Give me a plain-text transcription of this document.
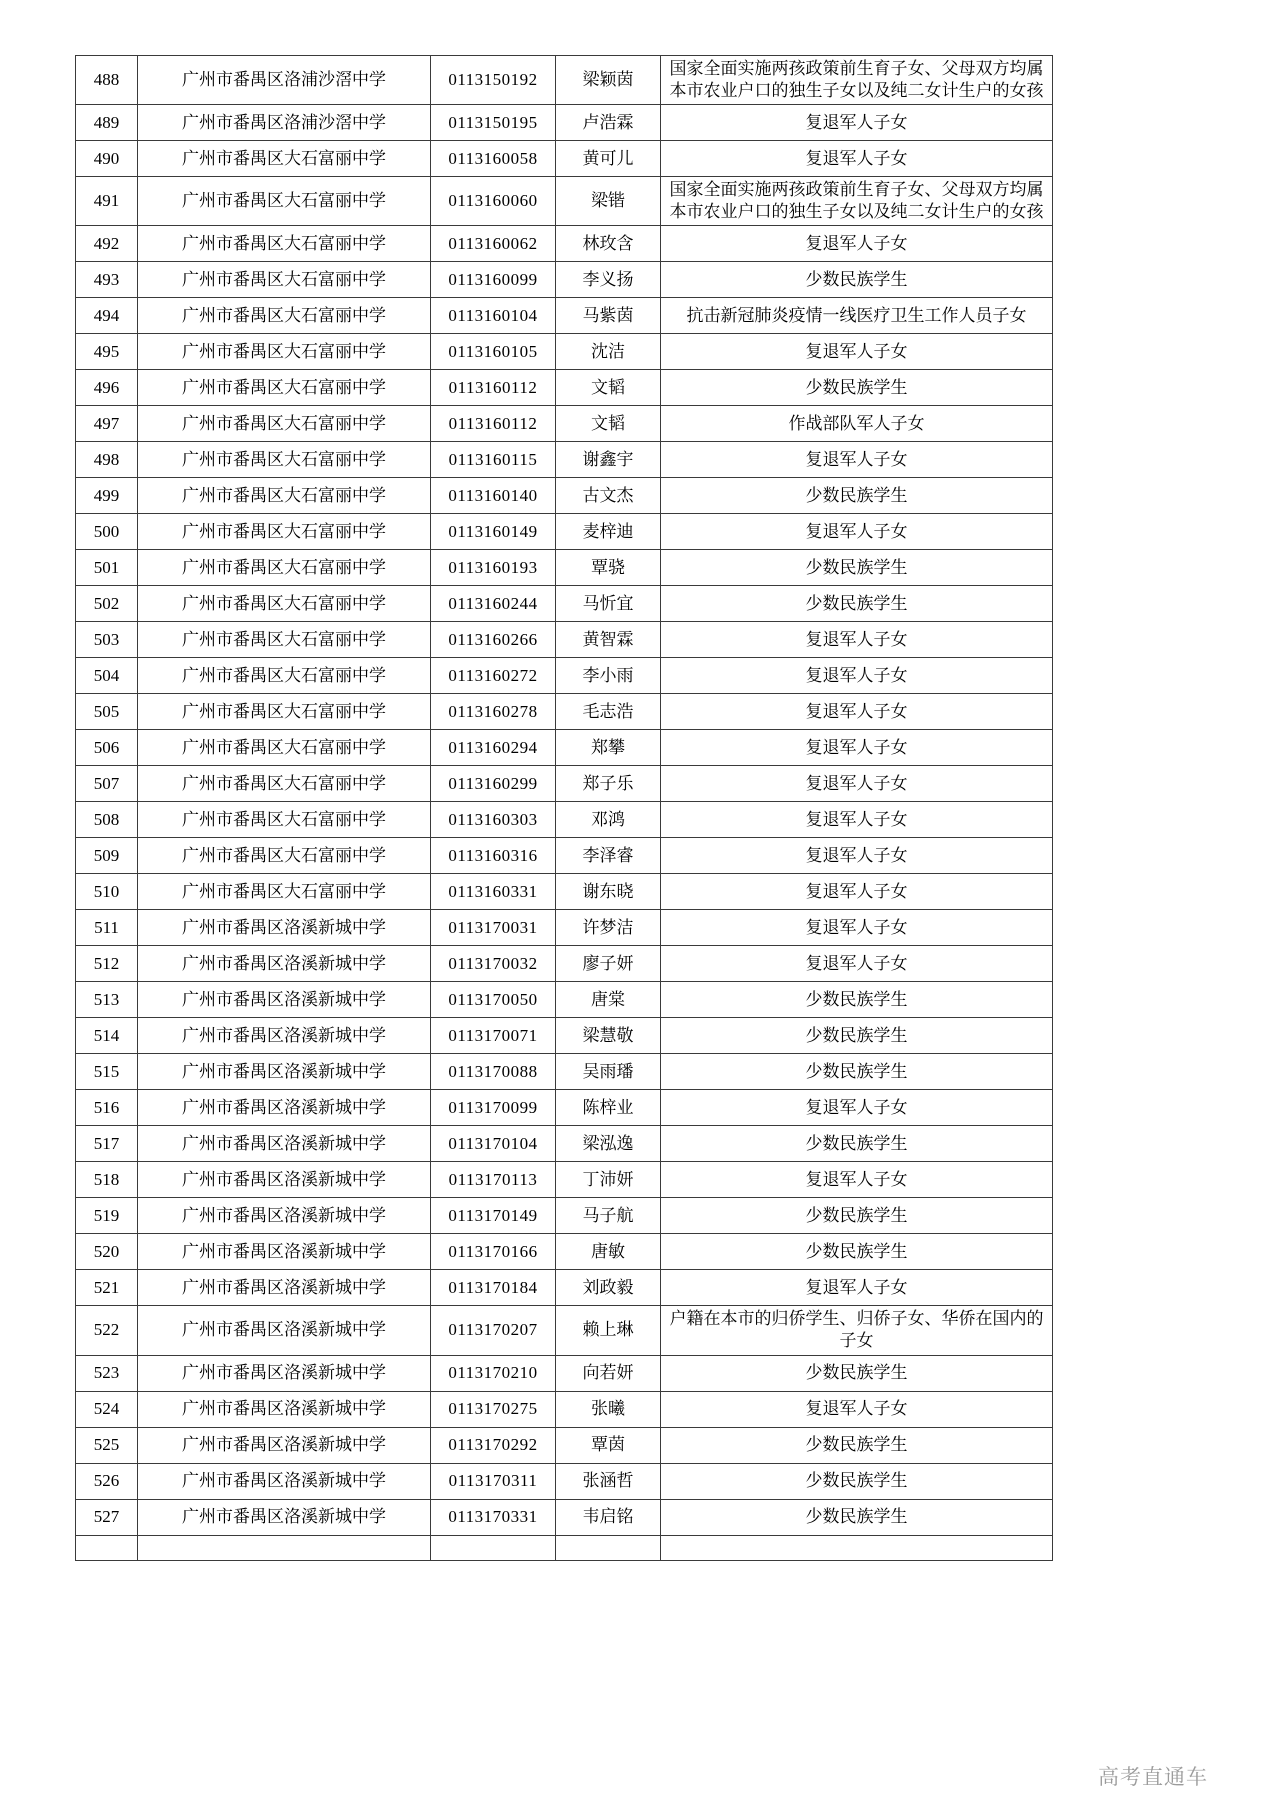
488	广州市番禺区洛浦沙滘中学	0113150192	梁颖茵	国家全面实施两孩政策前生育子女、父母双方均属本市农业户口的独生子女以及纯二女计生户的女孩
489	广州市番禺区洛浦沙滘中学	0113150195	卢浩霖	复退军人子女
490	广州市番禺区大石富丽中学	0113160058	黄可儿	复退军人子女
491	广州市番禺区大石富丽中学	0113160060	梁锴	国家全面实施两孩政策前生育子女、父母双方均属本市农业户口的独生子女以及纯二女计生户的女孩
492	广州市番禺区大石富丽中学	0113160062	林玫含	复退军人子女
493	广州市番禺区大石富丽中学	0113160099	李义扬	少数民族学生
494	广州市番禺区大石富丽中学	0113160104	马紫茵	抗击新冠肺炎疫情一线医疗卫生工作人员子女
495	广州市番禺区大石富丽中学	0113160105	沈洁	复退军人子女
496	广州市番禺区大石富丽中学	0113160112	文韬	少数民族学生
497	广州市番禺区大石富丽中学	0113160112	文韬	作战部队军人子女
498	广州市番禺区大石富丽中学	0113160115	谢鑫宇	复退军人子女
499	广州市番禺区大石富丽中学	0113160140	古文杰	少数民族学生
500	广州市番禺区大石富丽中学	0113160149	麦梓迪	复退军人子女
501	广州市番禺区大石富丽中学	0113160193	覃骁	少数民族学生
502	广州市番禺区大石富丽中学	0113160244	马忻宜	少数民族学生
503	广州市番禺区大石富丽中学	0113160266	黄智霖	复退军人子女
504	广州市番禺区大石富丽中学	0113160272	李小雨	复退军人子女
505	广州市番禺区大石富丽中学	0113160278	毛志浩	复退军人子女
506	广州市番禺区大石富丽中学	0113160294	郑攀	复退军人子女
507	广州市番禺区大石富丽中学	0113160299	郑子乐	复退军人子女
508	广州市番禺区大石富丽中学	0113160303	邓鸿	复退军人子女
509	广州市番禺区大石富丽中学	0113160316	李泽睿	复退军人子女
510	广州市番禺区大石富丽中学	0113160331	谢东晓	复退军人子女
511	广州市番禺区洛溪新城中学	0113170031	许梦洁	复退军人子女
512	广州市番禺区洛溪新城中学	0113170032	廖子妍	复退军人子女
513	广州市番禺区洛溪新城中学	0113170050	唐棠	少数民族学生
514	广州市番禺区洛溪新城中学	0113170071	梁慧敬	少数民族学生
515	广州市番禺区洛溪新城中学	0113170088	吴雨璠	少数民族学生
516	广州市番禺区洛溪新城中学	0113170099	陈梓业	复退军人子女
517	广州市番禺区洛溪新城中学	0113170104	梁泓逸	少数民族学生
518	广州市番禺区洛溪新城中学	0113170113	丁沛妍	复退军人子女
519	广州市番禺区洛溪新城中学	0113170149	马子航	少数民族学生
520	广州市番禺区洛溪新城中学	0113170166	唐敏	少数民族学生
521	广州市番禺区洛溪新城中学	0113170184	刘政毅	复退军人子女
522	广州市番禺区洛溪新城中学	0113170207	赖上琳	户籍在本市的归侨学生、归侨子女、华侨在国内的子女
523	广州市番禺区洛溪新城中学	0113170210	向若妍	少数民族学生
524	广州市番禺区洛溪新城中学	0113170275	张曦	复退军人子女
525	广州市番禺区洛溪新城中学	0113170292	覃茵	少数民族学生
526	广州市番禺区洛溪新城中学	0113170311	张涵哲	少数民族学生
527	广州市番禺区洛溪新城中学	0113170331	韦启铭	少数民族学生

高考直通车
